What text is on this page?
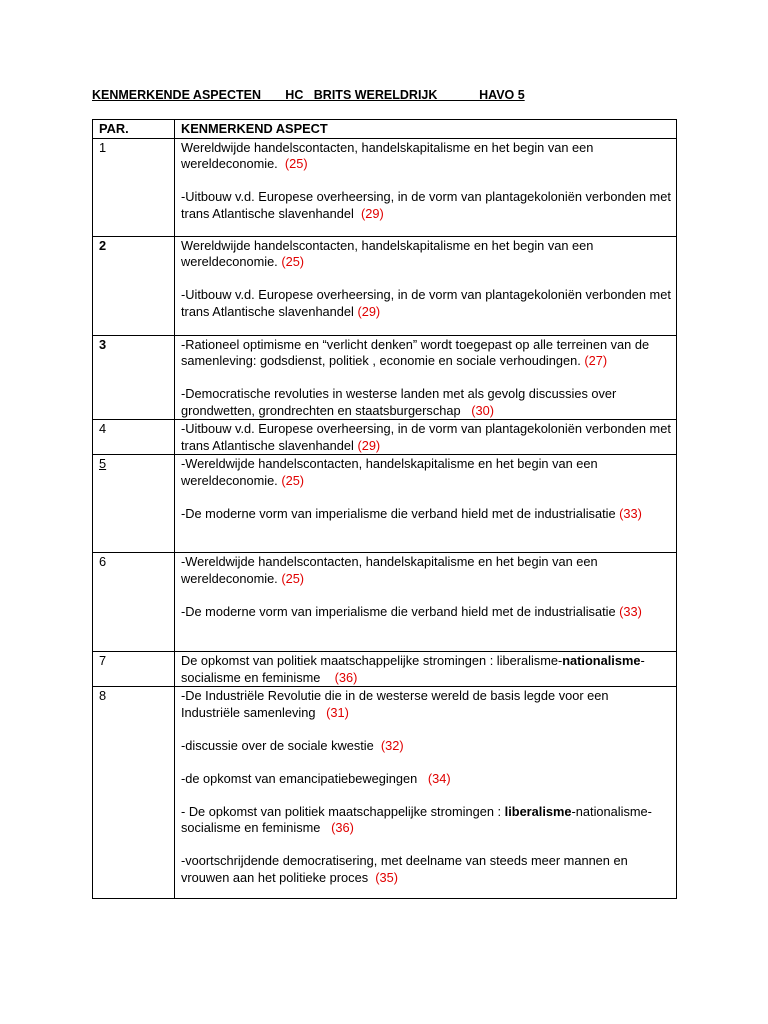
KENMERKENDE ASPECTEN       HC   BRITS WERELDRIJK            HAVO 5
PAR.	KENMERKEND ASPECT
1	Wereldwijde handelscontacten, handelskapitalisme en het begin van een wereldeconomie. (25)
-Uitbouw v.d. Europese overheersing, in de vorm van plantagekoloniën verbonden met trans Atlantische slavenhandel (29)

2	Wereldwijde handelscontacten, handelskapitalisme en het begin van een wereldeconomie. (25)
-Uitbouw v.d. Europese overheersing, in de vorm van plantagekoloniën verbonden met trans Atlantische slavenhandel (29)

3	-Rationeel optimisme en “verlicht denken” wordt toegepast op alle terreinen van de samenleving: godsdienst, politiek , economie en sociale verhoudingen. (27)
-Democratische revoluties in westerse landen met als gevolg discussies over grondwetten, grondrechten en staatsburgerschap (30)

4	-Uitbouw v.d. Europese overheersing, in de vorm van plantagekoloniën verbonden met trans Atlantische slavenhandel (29)

5	-Wereldwijde handelscontacten, handelskapitalisme en het begin van een wereldeconomie. (25)
-De moderne vorm van imperialisme die verband hield met de industrialisatie (33)

6	-Wereldwijde handelscontacten, handelskapitalisme en het begin van een wereldeconomie. (25)
-De moderne vorm van imperialisme die verband hield met de industrialisatie (33)

7	De opkomst van politiek maatschappelijke stromingen : liberalisme-nationalisme-socialisme en feminisme (36)

8	-De Industriële Revolutie die in de westerse wereld de basis legde voor een Industriële samenleving (31)
-discussie over de sociale kwestie (32)
-de opkomst van emancipatiebewegingen (34)
- De opkomst van politiek maatschappelijke stromingen : liberalisme-nationalisme-socialisme en feminisme (36)
-voortschrijdende democratisering, met deelname van steeds meer mannen en vrouwen aan het politieke proces (35)
